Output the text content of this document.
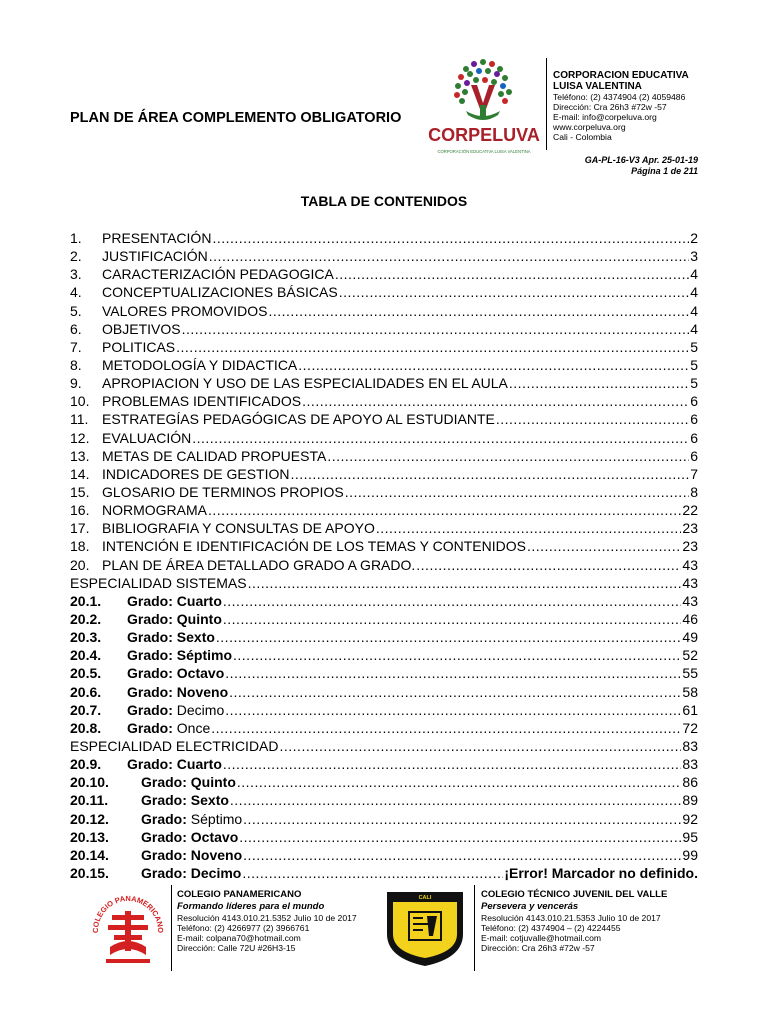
PLAN DE ÁREA COMPLEMENTO OBLIGATORIO
CORPELUVA
CORPORACIÓN EDUCATIVA LUISA VALENTINA
CORPORACION EDUCATIVA
LUISA VALENTINA
Teléfono: (2) 4374904 (2) 4059486
Dirección: Cra 26h3 #72w -57
E-mail: info@corpeluva.org
www.corpeluva.org
Cali - Colombia
GA-PL-16-V3 Apr. 25-01-19
Página 1 de 211
TABLA DE CONTENIDOS
1.	PRESENTACIÓN .....	2
2.	JUSTIFICACIÓN .....	3
3.	CARACTERIZACIÓN PEDAGOGICA .....	4
4.	CONCEPTUALIZACIONES BÁSICAS .....	4
5.	VALORES PROMOVIDOS .....	4
6.	OBJETIVOS .....	4
7.	POLITICAS .....	5
8.	METODOLOGÍA Y DIDACTICA .....	5
9.	APROPIACION Y USO DE LAS ESPECIALIDADES EN EL AULA .....	5
10. PROBLEMAS IDENTIFICADOS .....	6
11. ESTRATEGÍAS PEDAGÓGICAS DE APOYO AL ESTUDIANTE .....	6
12. EVALUACIÓN .....	6
13. METAS DE CALIDAD PROPUESTA .....	6
14. INDICADORES DE GESTION .....	7
15. GLOSARIO DE TERMINOS PROPIOS .....	8
16. NORMOGRAMA .....	22
17. BIBLIOGRAFIA Y CONSULTAS DE APOYO .....	23
18. INTENCIÓN E IDENTIFICACIÓN DE LOS TEMAS Y CONTENIDOS .....	23
20. PLAN DE ÁREA DETALLADO GRADO A GRADO. .....	43
ESPECIALIDAD SISTEMAS .....	43
20.1.	Grado: Cuarto .....	43
20.2.	Grado: Quinto .....	46
20.3.	Grado: Sexto .....	49
20.4.	Grado: Séptimo .....	52
20.5.	Grado: Octavo .....	55
20.6.	Grado: Noveno .....	58
20.7.	Grado: Decimo .....	61
20.8.	Grado: Once .....	72
ESPECIALIDAD ELECTRICIDAD .....	83
20.9.	Grado: Cuarto .....	83
20.10.	Grado: Quinto .....	86
20.11.	Grado: Sexto .....	89
20.12.	Grado: Séptimo .....	92
20.13.	Grado: Octavo .....	95
20.14.	Grado: Noveno .....	99
20.15.	Grado: Decimo .....	¡Error! Marcador no definido.
COLEGIO PANAMERICANO
COLEGIO PANAMERICANO
Formando líderes para el mundo
Resolución 4143.010.21.5352 Julio 10 de 2017
Teléfono: (2) 4266977 (2) 3966761
E-mail: colpana70@hotmail.com
Dirección: Calle 72U #26H3-15
CALI	COLEGIO TÉCNICO JUVENIL DEL VALLE
Persevera y vencerás
Resolución 4143.010.21.5353 Julio 10 de 2017
Teléfono: (2) 4374904 – (2) 4224455
E-mail: cotjuvalle@hotmail.com
Dirección: Cra 26h3 #72w -57
